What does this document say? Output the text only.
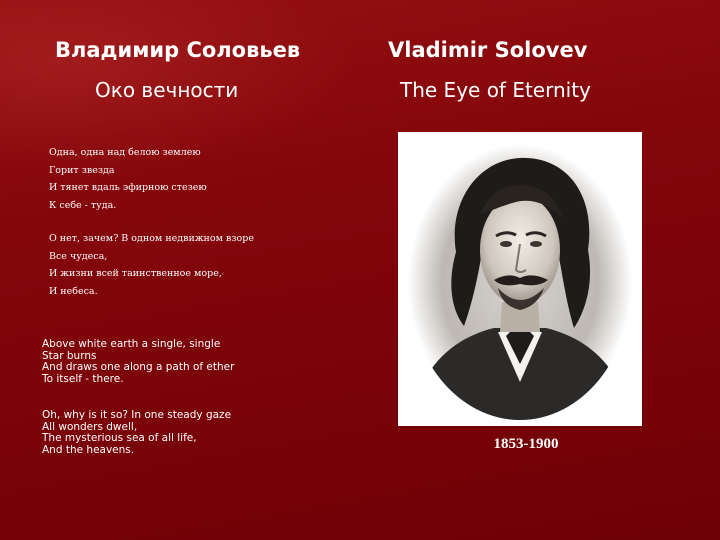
Владимир Соловьев	Vladimir Solovev
Око вечности	The Eye of Eternity
Одна, одна над белою землею
Горит звезда
И тянет вдаль эфирною стезею
К себе - туда.
О нет, зачем? В одном недвижном взоре
Все чудеса,
И жизни всей таинственное море,
И небеса.
Above white earth a single, single
Star burns
And draws one along a path of ether
To itself - there.
Oh, why is it so? In one steady gaze
All wonders dwell,
The mysterious sea of all life,
And the heavens.	1853-1900
